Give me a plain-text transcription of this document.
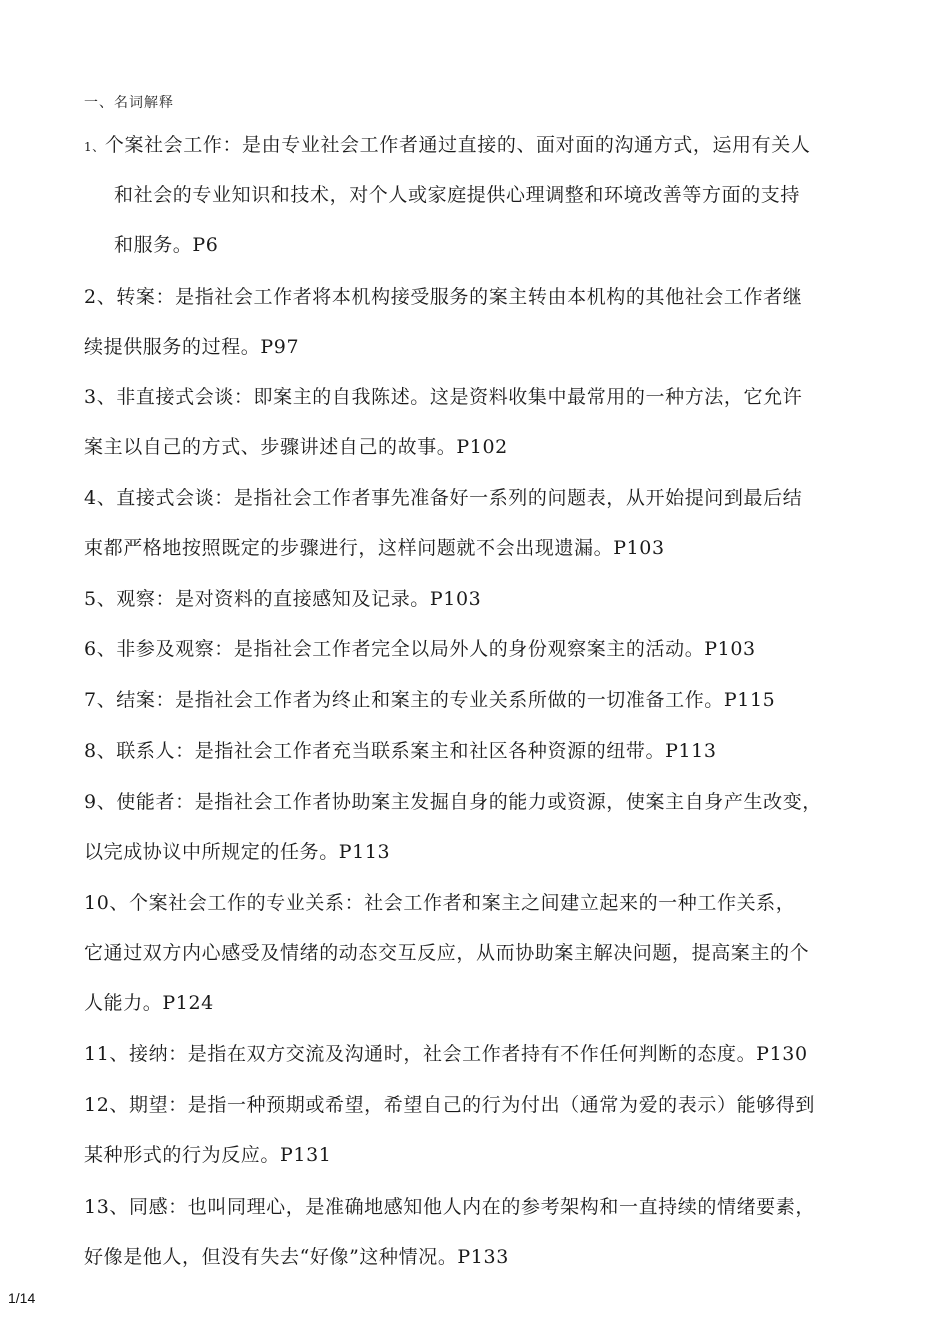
一、名词解释
1、个案社会工作：是由专业社会工作者通过直接的、面对面的沟通方式，运用有关人
和社会的专业知识和技术，对个人或家庭提供心理调整和环境改善等方面的支持
和服务。P6
2、转案：是指社会工作者将本机构接受服务的案主转由本机构的其他社会工作者继
续提供服务的过程。P97
3、非直接式会谈：即案主的自我陈述。这是资料收集中最常用的一种方法，它允许
案主以自己的方式、步骤讲述自己的故事。P102
4、直接式会谈：是指社会工作者事先准备好一系列的问题表，从开始提问到最后结
束都严格地按照既定的步骤进行，这样问题就不会出现遗漏。P103
5、观察：是对资料的直接感知及记录。P103
6、非参及观察：是指社会工作者完全以局外人的身份观察案主的活动。P103
7、结案：是指社会工作者为终止和案主的专业关系所做的一切准备工作。P115
8、联系人：是指社会工作者充当联系案主和社区各种资源的纽带。P113
9、使能者：是指社会工作者协助案主发掘自身的能力或资源，使案主自身产生改变，
以完成协议中所规定的任务。P113
10、个案社会工作的专业关系：社会工作者和案主之间建立起来的一种工作关系，
它通过双方内心感受及情绪的动态交互反应，从而协助案主解决问题，提高案主的个
人能力。P124
11、接纳：是指在双方交流及沟通时，社会工作者持有不作任何判断的态度。P130
12、期望：是指一种预期或希望，希望自己的行为付出（通常为爱的表示）能够得到
某种形式的行为反应。P131
13、同感：也叫同理心，是准确地感知他人内在的参考架构和一直持续的情绪要素，
好像是他人，但没有失去“好像”这种情况。P133
1/14
